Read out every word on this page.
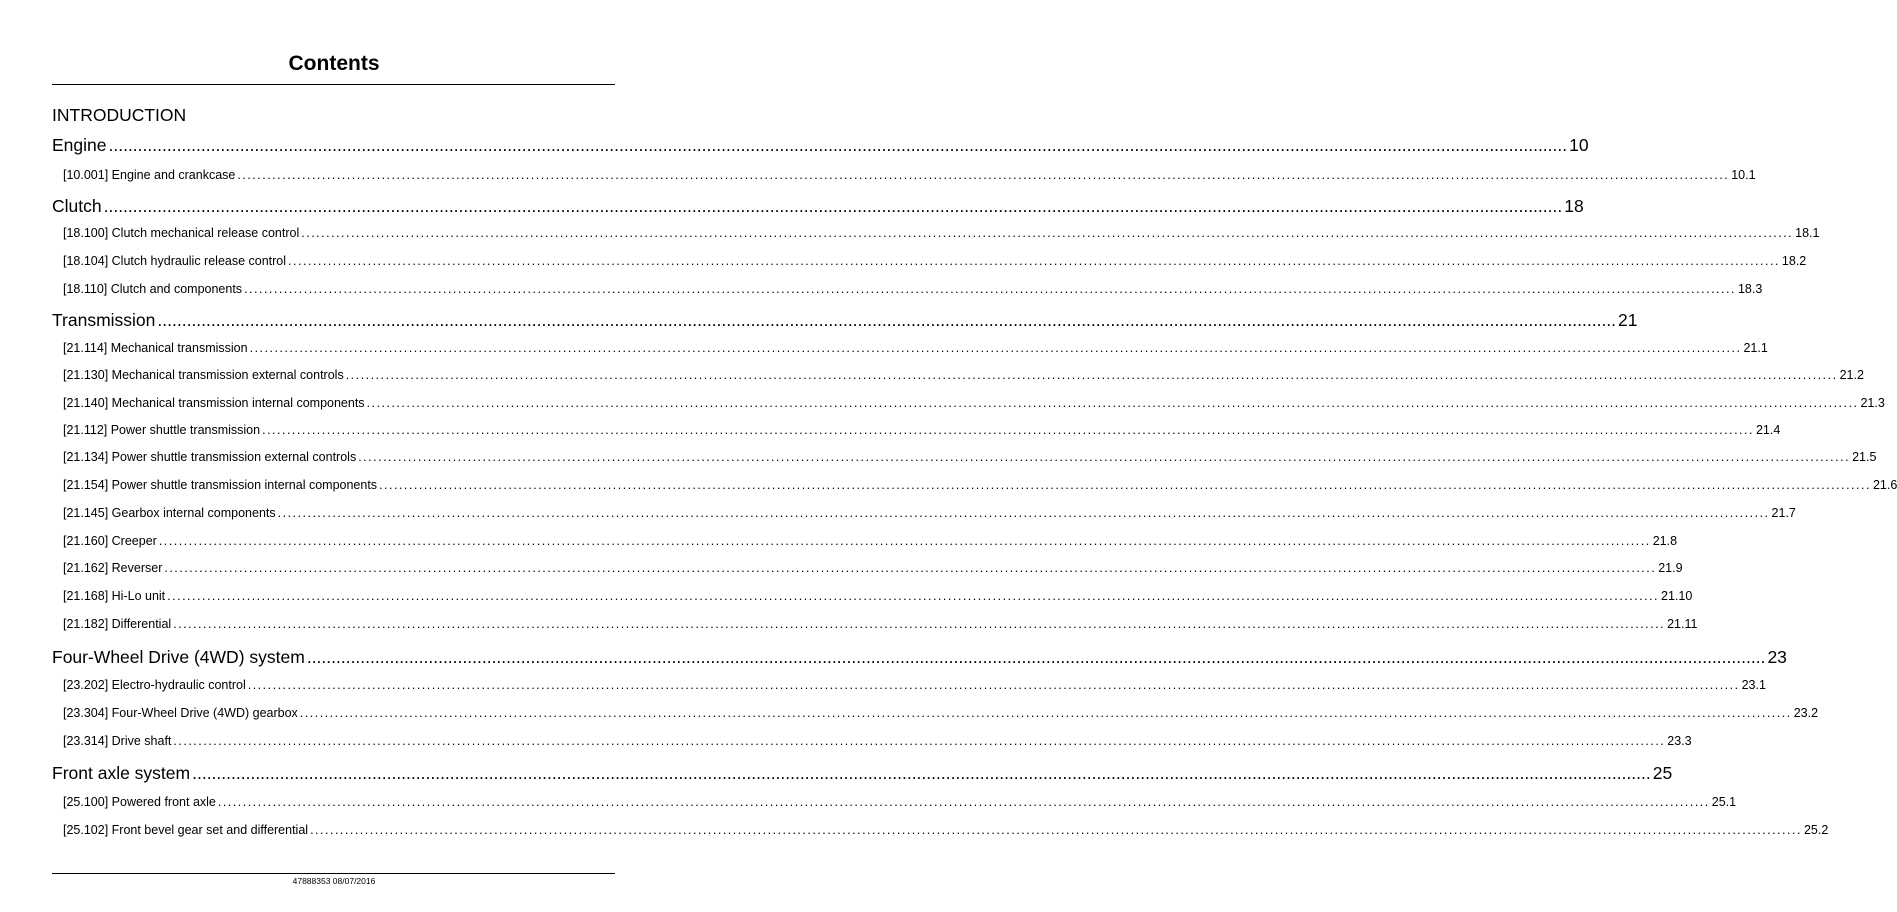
Contents
INTRODUCTION
Engine ............................................................................................................................................................................................................................................................................................................ 10
[10.001] Engine and crankcase ............................................................................................................................................................................................................................................................................................................ 10.1
Clutch ............................................................................................................................................................................................................................................................................................................ 18
[18.100] Clutch mechanical release control ............................................................................................................................................................................................................................................................................................................ 18.1
[18.104] Clutch hydraulic release control ............................................................................................................................................................................................................................................................................................................ 18.2
[18.110] Clutch and components ............................................................................................................................................................................................................................................................................................................ 18.3
Transmission ............................................................................................................................................................................................................................................................................................................ 21
[21.114] Mechanical transmission ............................................................................................................................................................................................................................................................................................................ 21.1
[21.130] Mechanical transmission external controls ............................................................................................................................................................................................................................................................................................................ 21.2
[21.140] Mechanical transmission internal components ............................................................................................................................................................................................................................................................................................................ 21.3
[21.112] Power shuttle transmission ............................................................................................................................................................................................................................................................................................................ 21.4
[21.134] Power shuttle transmission external controls ............................................................................................................................................................................................................................................................................................................ 21.5
[21.154] Power shuttle transmission internal components ............................................................................................................................................................................................................................................................................................................ 21.6
[21.145] Gearbox internal components ............................................................................................................................................................................................................................................................................................................ 21.7
[21.160] Creeper ............................................................................................................................................................................................................................................................................................................ 21.8
[21.162] Reverser ............................................................................................................................................................................................................................................................................................................ 21.9
[21.168] Hi-Lo unit ............................................................................................................................................................................................................................................................................................................ 21.10
[21.182] Differential ............................................................................................................................................................................................................................................................................................................ 21.11
Four-Wheel Drive (4WD) system ............................................................................................................................................................................................................................................................................................................ 23
[23.202] Electro-hydraulic control ............................................................................................................................................................................................................................................................................................................ 23.1
[23.304] Four-Wheel Drive (4WD) gearbox ............................................................................................................................................................................................................................................................................................................ 23.2
[23.314] Drive shaft ............................................................................................................................................................................................................................................................................................................ 23.3
Front axle system ............................................................................................................................................................................................................................................................................................................ 25
[25.100] Powered front axle ............................................................................................................................................................................................................................................................................................................ 25.1
[25.102] Front bevel gear set and differential ............................................................................................................................................................................................................................................................................................................ 25.2
47888353 08/07/2016
